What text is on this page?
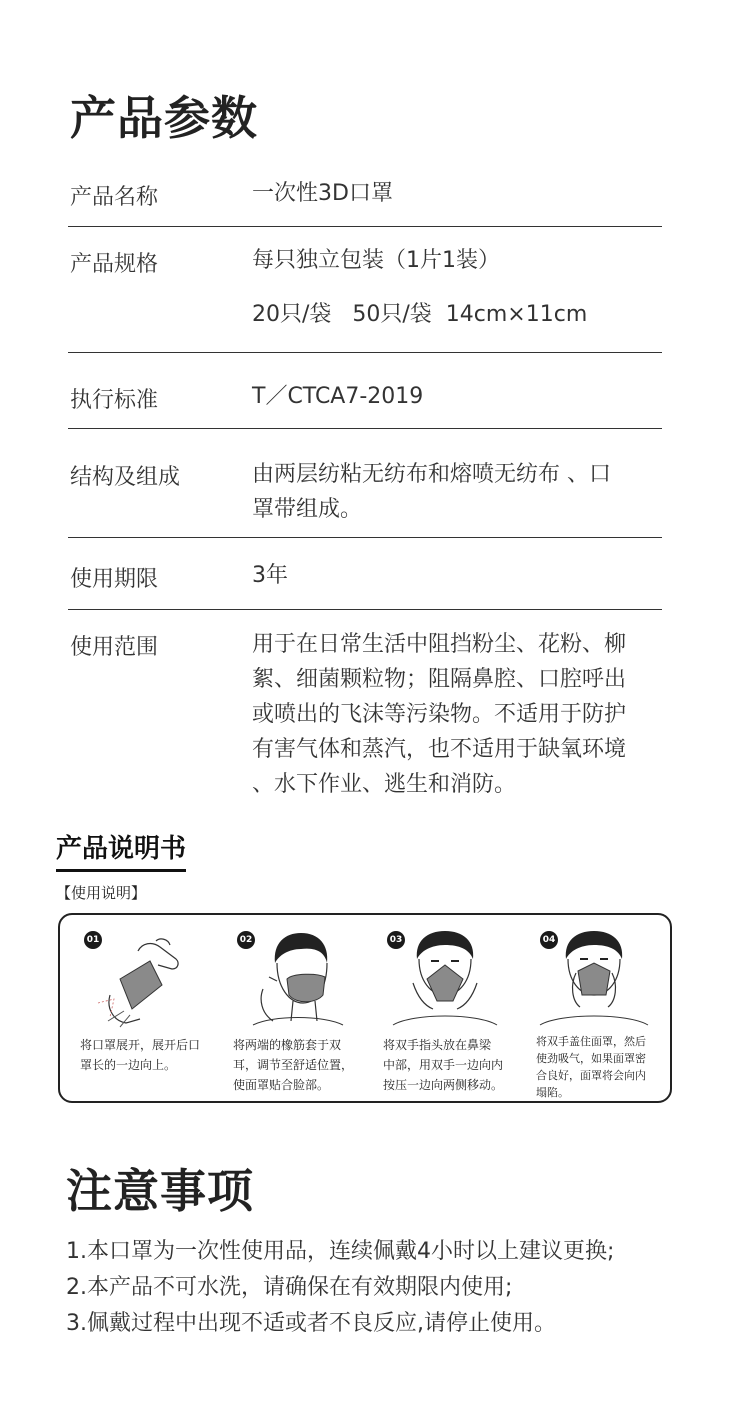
产品参数
产品名称	一次性3D口罩
产品规格	每只独立包装（1片1装）
20只/袋   50只/袋  14cm×11cm
执行标准	T／CTCA7-2019
结构及组成	由两层纺粘无纺布和熔喷无纺布 、口
罩带组成。
使用期限	3年
使用范围	用于在日常生活中阻挡粉尘、花粉、柳
絮、细菌颗粒物；阻隔鼻腔、口腔呼出
或喷出的飞沫等污染物。不适用于防护
有害气体和蒸汽，也不适用于缺氧环境
、水下作业、逃生和消防。
产品说明书
【使用说明】
01
将口罩展开，展开后口
罩长的一边向上。
02
将两端的橡筋套于双
耳，调节至舒适位置，
使面罩贴合脸部。
03
将双手指头放在鼻梁
中部，用双手一边向内
按压一边向两侧移动。
04
将双手盖住面罩，然后
使劲吸气，如果面罩密
合良好，面罩将会向内
塌陷。
注意事项
1.本口罩为一次性使用品，连续佩戴4小时以上建议更换;
2.本产品不可水洗，请确保在有效期限内使用;
3.佩戴过程中出现不适或者不良反应,请停止使用。
